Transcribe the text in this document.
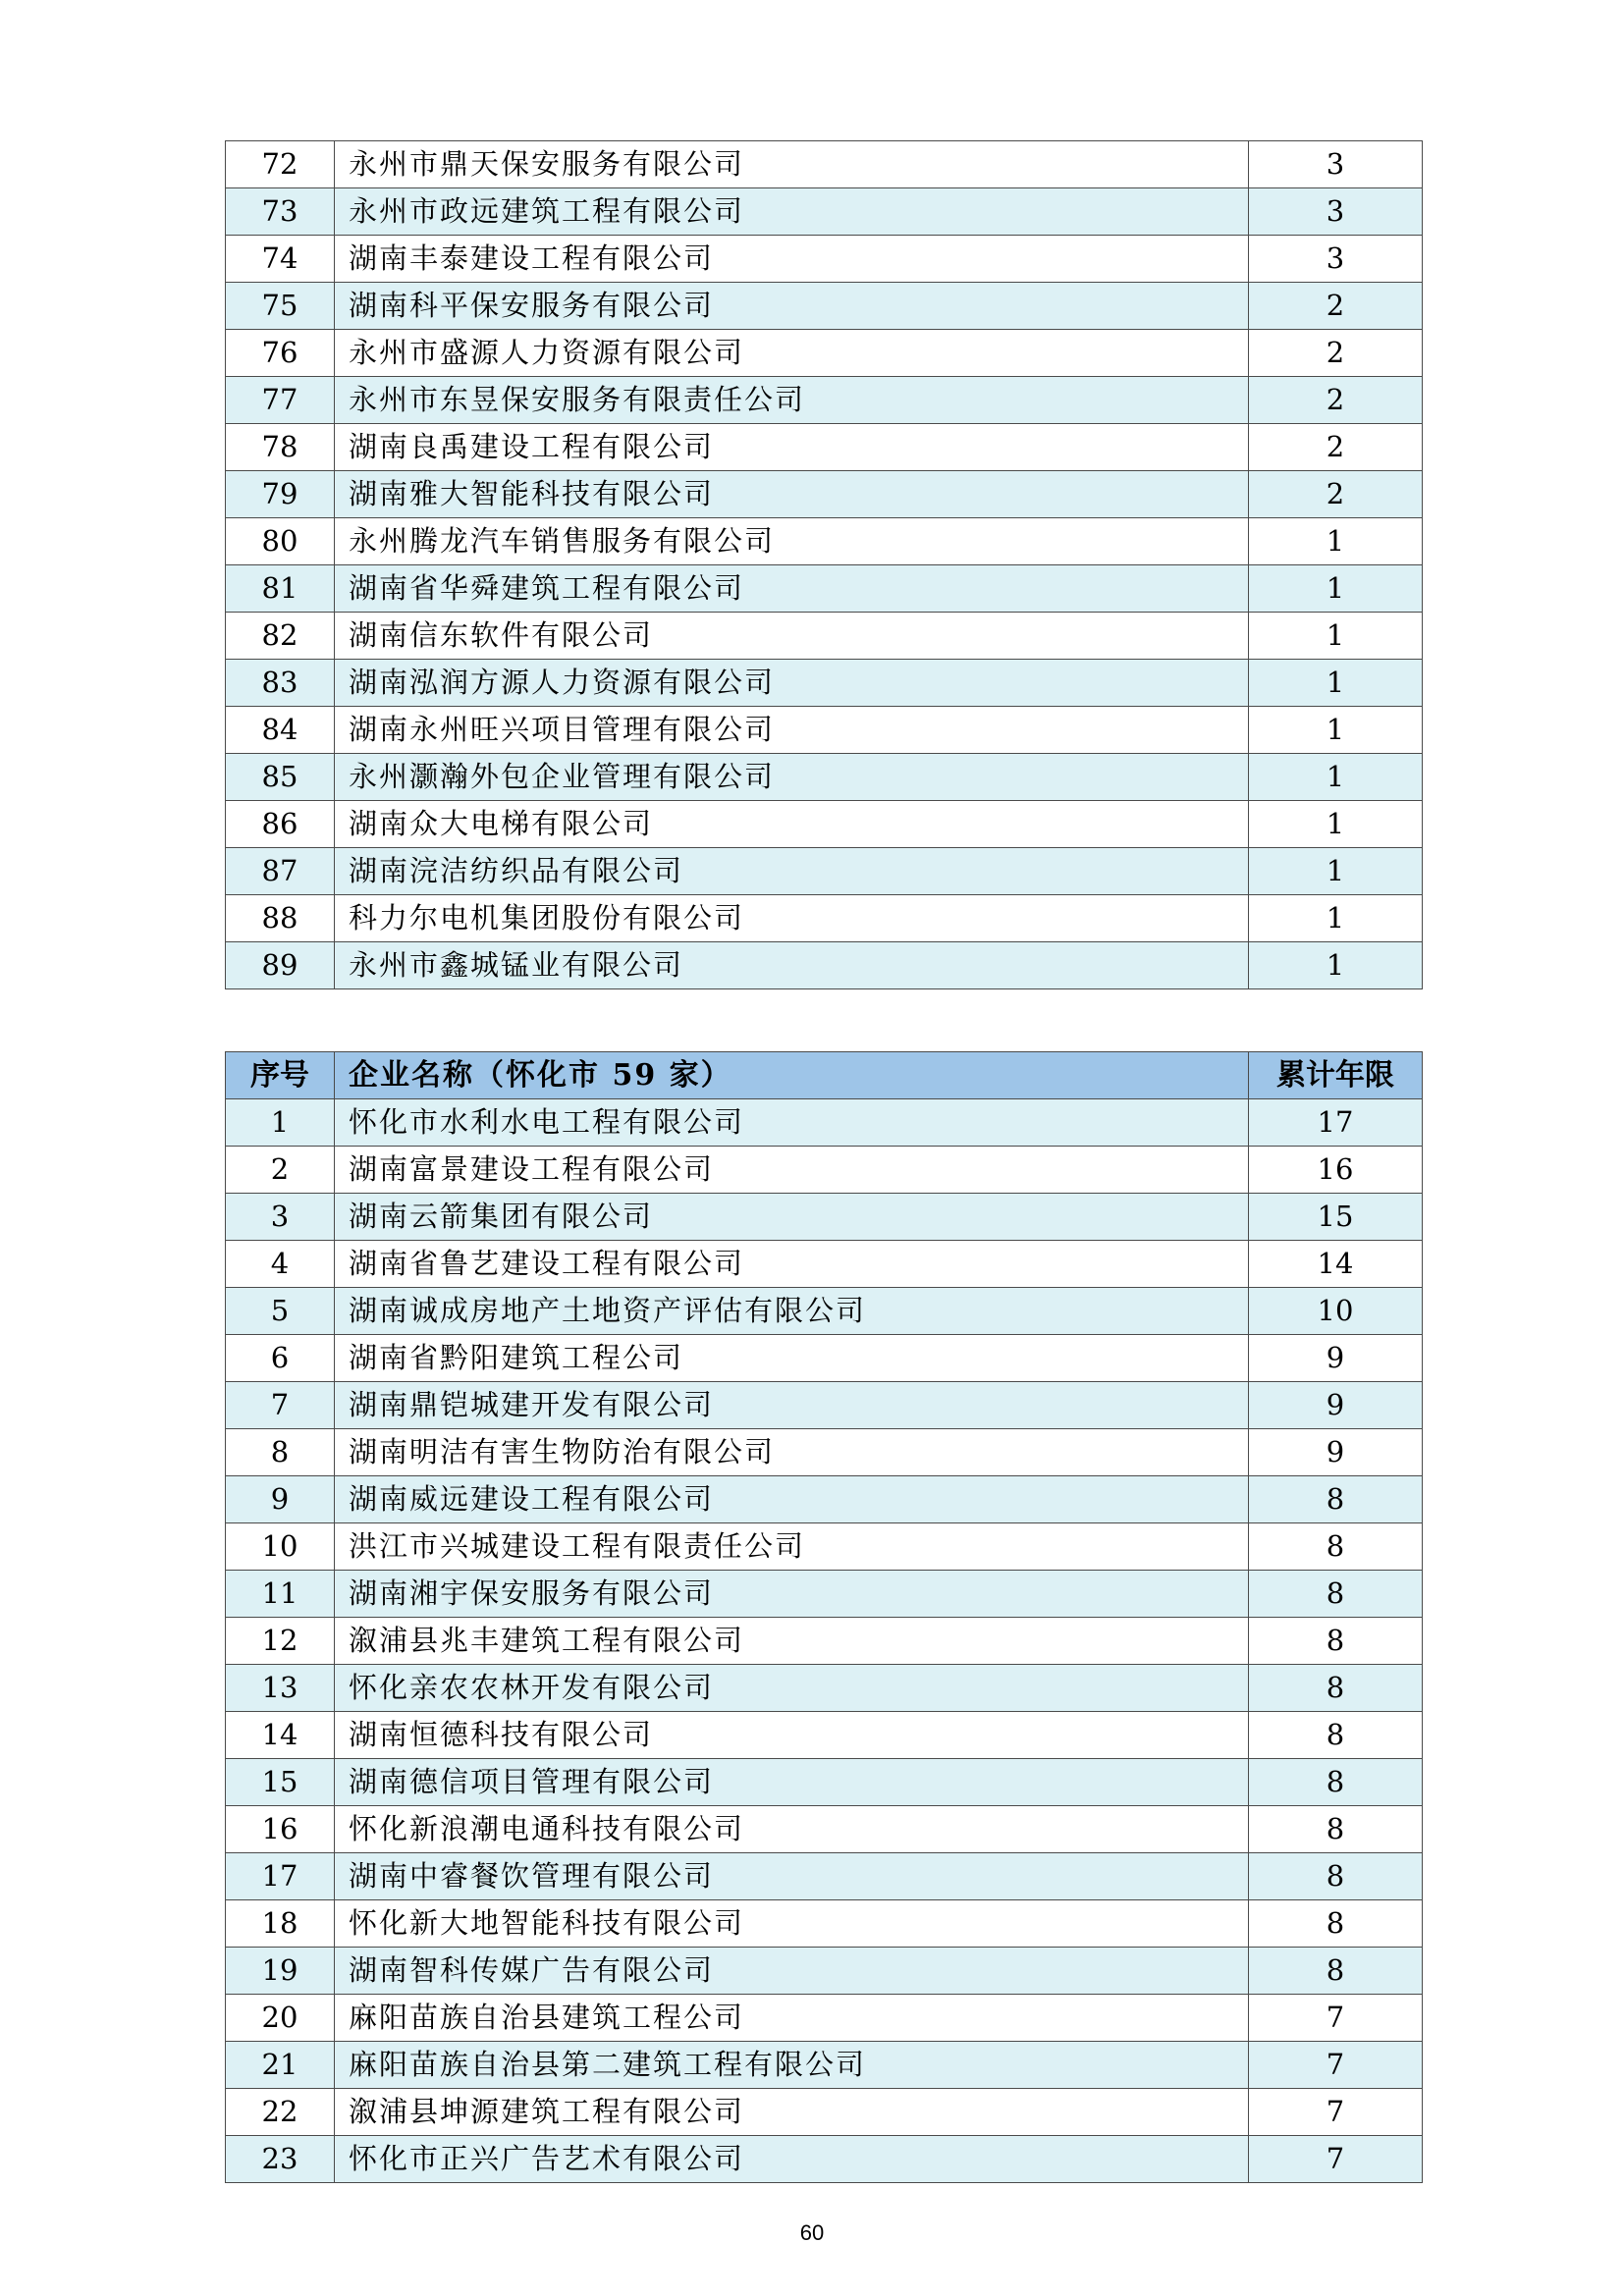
72	永州市鼎天保安服务有限公司	3
73	永州市政远建筑工程有限公司	3
74	湖南丰泰建设工程有限公司	3
75	湖南科平保安服务有限公司	2
76	永州市盛源人力资源有限公司	2
77	永州市东昱保安服务有限责任公司	2
78	湖南良禹建设工程有限公司	2
79	湖南雅大智能科技有限公司	2
80	永州腾龙汽车销售服务有限公司	1
81	湖南省华舜建筑工程有限公司	1
82	湖南信东软件有限公司	1
83	湖南泓润方源人力资源有限公司	1
84	湖南永州旺兴项目管理有限公司	1
85	永州灏瀚外包企业管理有限公司	1
86	湖南众大电梯有限公司	1
87	湖南浣洁纺织品有限公司	1
88	科力尔电机集团股份有限公司	1
89	永州市鑫城锰业有限公司	1
序号	企业名称（怀化市 59 家）	累计年限
1	怀化市水利水电工程有限公司	17
2	湖南富景建设工程有限公司	16
3	湖南云箭集团有限公司	15
4	湖南省鲁艺建设工程有限公司	14
5	湖南诚成房地产土地资产评估有限公司	10
6	湖南省黔阳建筑工程公司	9
7	湖南鼎铠城建开发有限公司	9
8	湖南明洁有害生物防治有限公司	9
9	湖南威远建设工程有限公司	8
10	洪江市兴城建设工程有限责任公司	8
11	湖南湘宇保安服务有限公司	8
12	溆浦县兆丰建筑工程有限公司	8
13	怀化亲农农林开发有限公司	8
14	湖南恒德科技有限公司	8
15	湖南德信项目管理有限公司	8
16	怀化新浪潮电通科技有限公司	8
17	湖南中睿餐饮管理有限公司	8
18	怀化新大地智能科技有限公司	8
19	湖南智科传媒广告有限公司	8
20	麻阳苗族自治县建筑工程公司	7
21	麻阳苗族自治县第二建筑工程有限公司	7
22	溆浦县坤源建筑工程有限公司	7
23	怀化市正兴广告艺术有限公司	7
60
